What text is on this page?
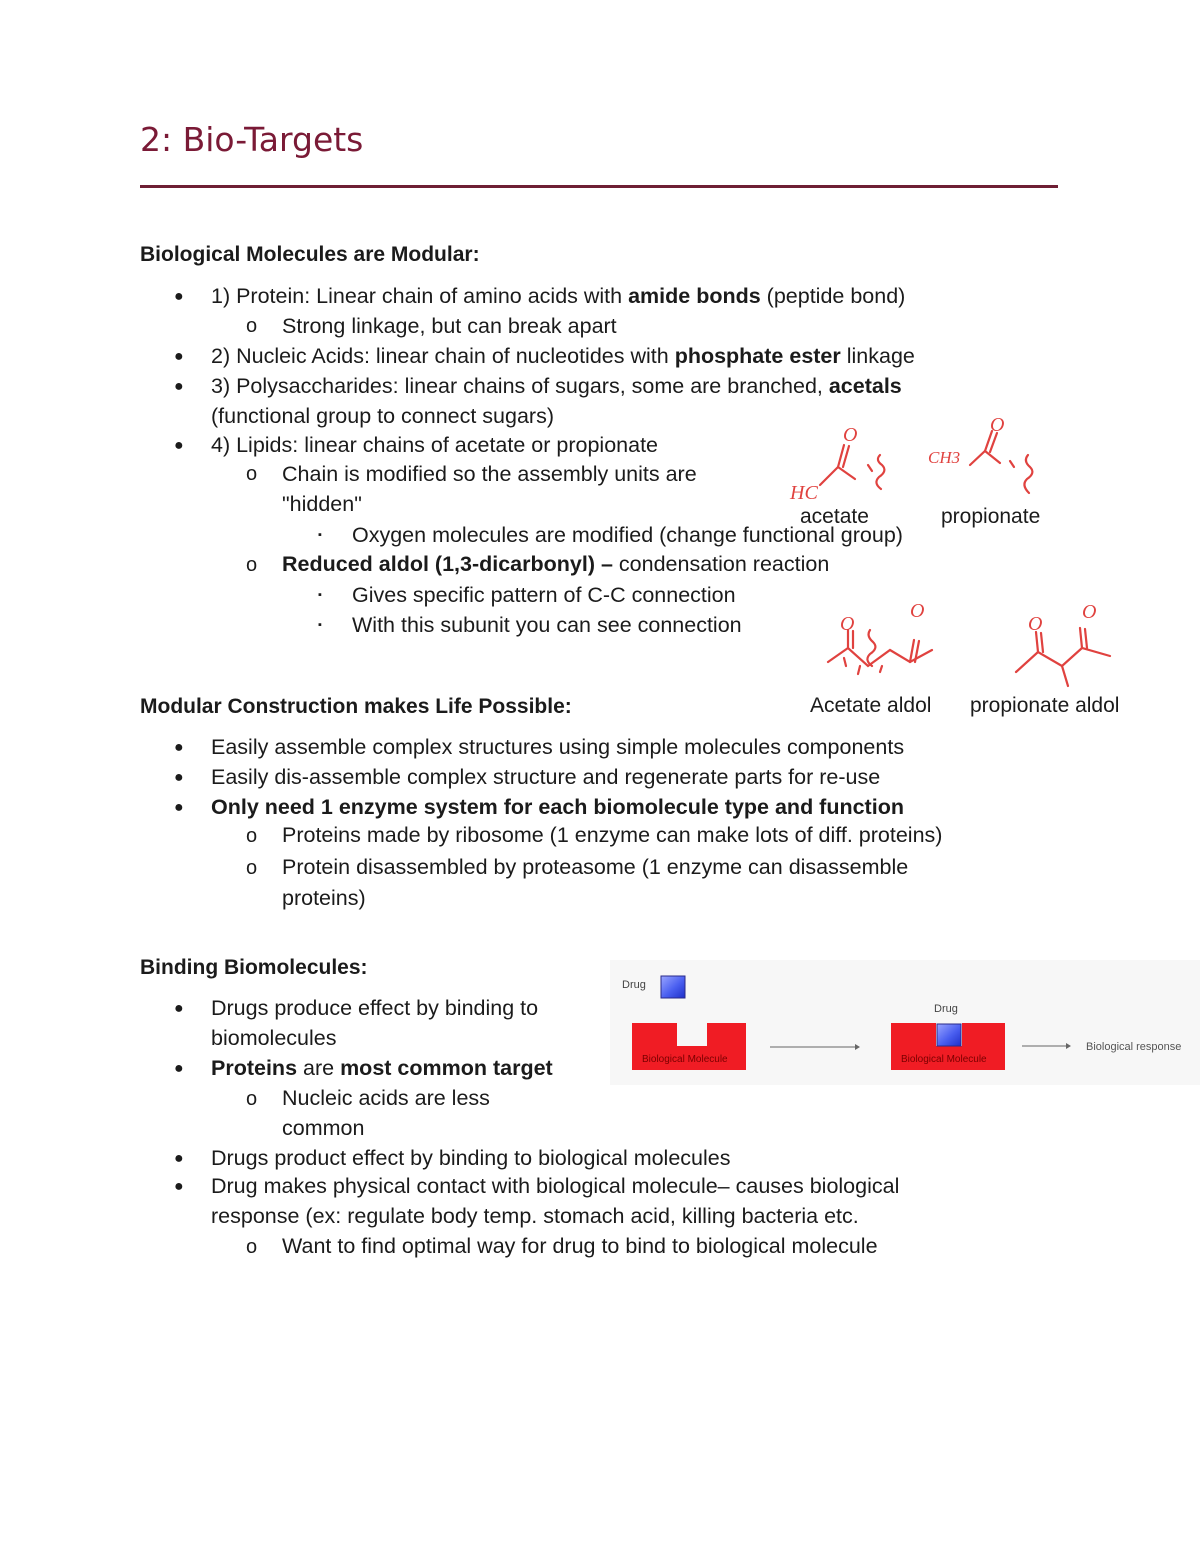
2: Bio-Targets
Biological Molecules are Modular:
● 1) Protein: Linear chain of amino acids with amide bonds (peptide bond)
o Strong linkage, but can break apart
● 2) Nucleic Acids: linear chain of nucleotides with phosphate ester linkage
● 3) Polysaccharides: linear chains of sugars, some are branched, acetals
(functional group to connect sugars)
● 4) Lipids: linear chains of acetate or propionate
o Chain is modified so the assembly units are
"hidden"
▪ Oxygen molecules are modified (change functional group)
o Reduced aldol (1,3-dicarbonyl) – condensation reaction
▪ Gives specific pattern of C-C connection
▪ With this subunit you can see connection
O	O
HC
CH3
acetate	propionate
O
O
O
O
Modular Construction makes Life Possible:	Acetate aldol propionate aldol
● Easily assemble complex structures using simple molecules components
● Easily dis-assemble complex structure and regenerate parts for re-use
● Only need 1 enzyme system for each biomolecule type and function
o Proteins made by ribosome (1 enzyme can make lots of diff. proteins)
o Protein disassembled by proteasome (1 enzyme can disassemble
proteins)
Binding Biomolecules:
● Drugs produce effect by binding to
biomolecules
● Proteins are most common target
o Nucleic acids are less
common
● Drugs product effect by binding to biological molecules
● Drug makes physical contact with biological molecule– causes biological
response (ex: regulate body temp. stomach acid, killing bacteria etc.
o Want to find optimal way for drug to bind to biological molecule
Drug
Biological Molecule
Drug
Biological Molecule
Biological response
